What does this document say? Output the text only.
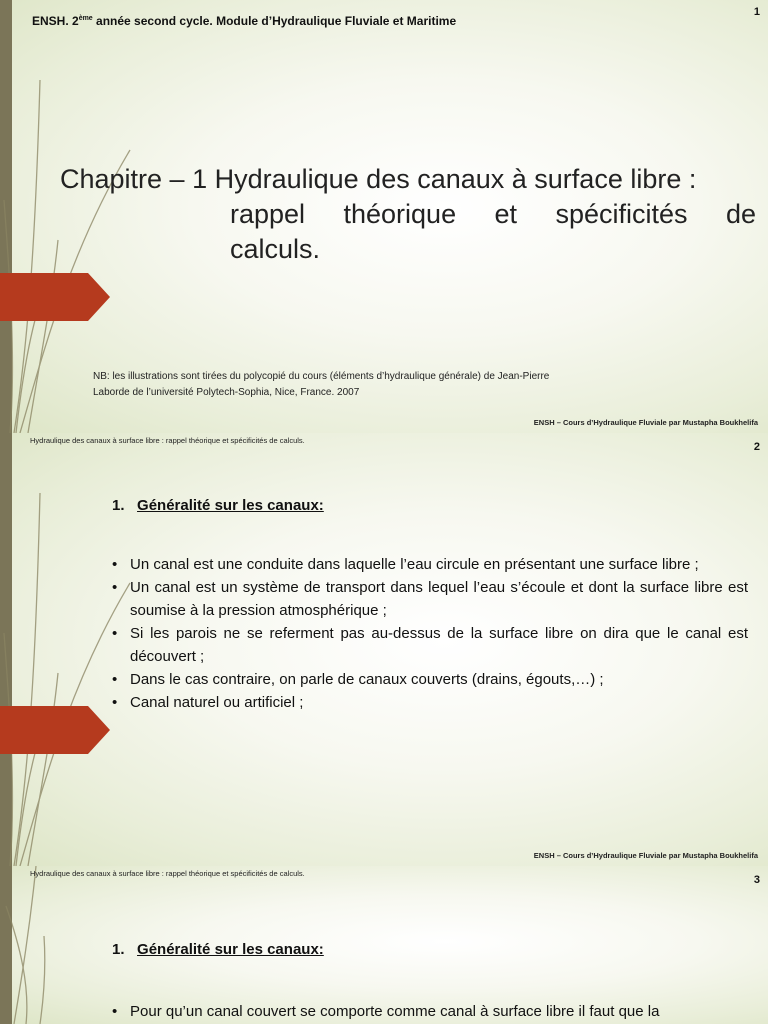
ENSH. 2ème année second cycle. Module d’Hydraulique Fluviale et Maritime
1
Chapitre – 1 Hydraulique des canaux à surface libre :
rappel théorique et spécificités de
calculs.
NB: les illustrations sont tirées du polycopié du cours (éléments d’hydraulique générale) de Jean-Pierre
Laborde de l’université Polytech-Sophia, Nice, France. 2007
ENSH – Cours d’Hydraulique Fluviale par Mustapha Boukhelifa
Hydraulique des canaux à surface libre : rappel théorique et spécificités de calculs.
2
1. Généralité sur les canaux:
• Un canal est une conduite dans laquelle l’eau circule en présentant une surface libre ;
• Un canal est un système de transport dans lequel l’eau s’écoule et dont la surface libre est soumise à la pression atmosphérique ;
• Si les parois ne se referment pas au-dessus de la surface libre on dira que le canal est découvert ;
• Dans le cas contraire, on parle de canaux couverts (drains, égouts,…) ;
• Canal naturel ou artificiel ;
ENSH – Cours d’Hydraulique Fluviale par Mustapha Boukhelifa
Hydraulique des canaux à surface libre : rappel théorique et spécificités de calculs.
3
1. Généralité sur les canaux:
• Pour qu’un canal couvert se comporte comme canal à surface libre il faut que la
